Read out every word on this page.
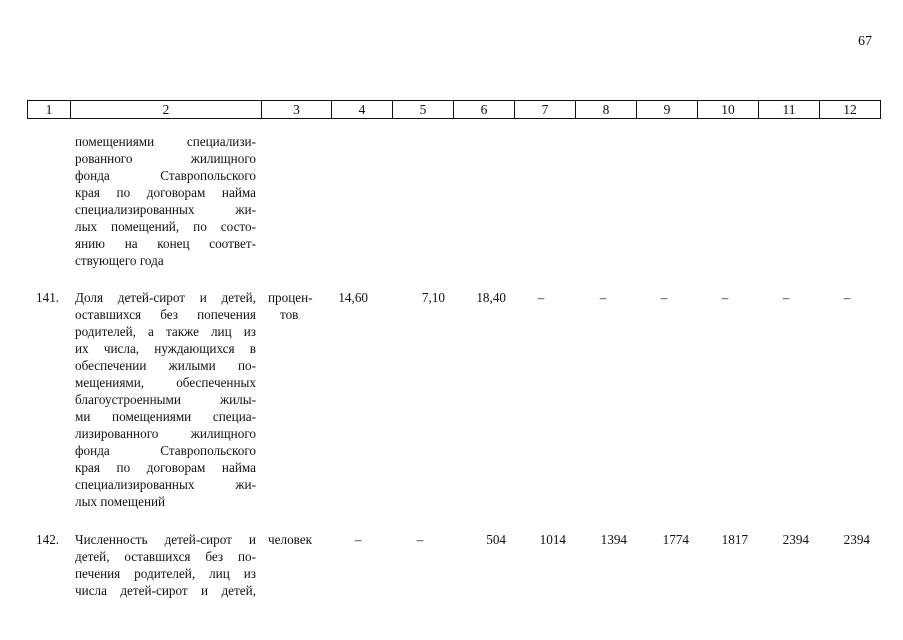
67
1	2	3	4	5	6	7	8	9	10	11	12
помещениями специализи-
рованного жилищного
фонда Ставропольского
края по договорам найма
специализированных жи-
лых помещений, по состо-
янию на конец соответ-
ствующего года
141.	Доля детей-сирот и детей,
оставшихся без попечения
родителей, а также лиц из
их числа, нуждающихся в
обеспечении жилыми по-
мещениями, обеспеченных
благоустроенными жилы-
ми помещениями специа-
лизированного жилищного
фонда Ставропольского
края по договорам найма
специализированных жи-
лых помещений
процен-
тов
14,60	7,10	18,40	–	–	–	–	–	–
142.	Численность детей-сирот и
детей, оставшихся без по-
печения родителей, лиц из
числа детей-сирот и детей,
человек	–	–	504	1014	1394	1774	1817	2394	2394
